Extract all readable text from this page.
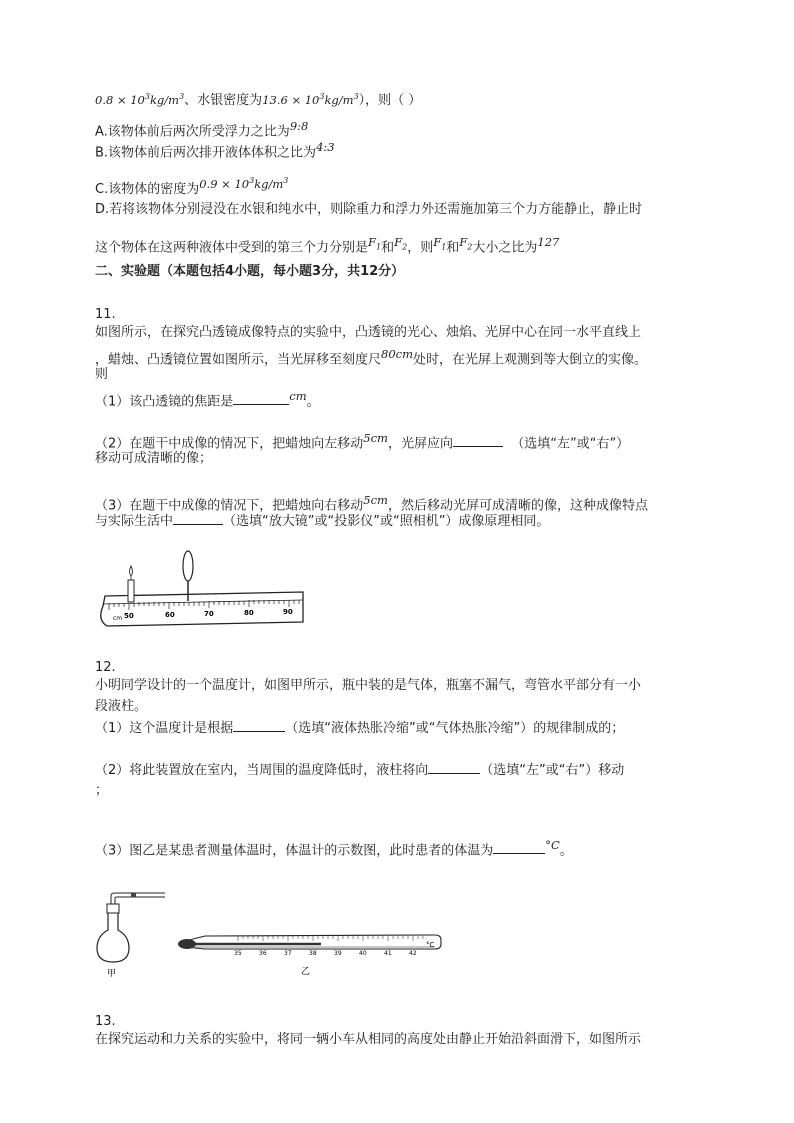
$0.8 \times 10^3kg/m^3$、水银密度为$13.6 \times 10^3kg/m^3$），则（ ）
A.该物体前后两次所受浮力之比为$^{9:8}$
B.该物体前后两次排开液体体积之比为$^{4:3}$
C.该物体的密度为$^{0.9 \times 10^3kg/m^3}$
D.若将该物体分别浸没在水银和纯水中，则除重力和浮力外还需施加第三个力方能静止，静止时
这个物体在这两种液体中受到的第三个力分别是$^{F_1}$和$^{F_2}$，则$^{F_1}$和$^{F_2}$大小之比为$^{127}$
二、实验题（本题包括4小题，每小题3分，共12分）
11.
如图所示，在探究凸透镜成像特点的实验中，凸透镜的光心、烛焰、光屏中心在同一水平直线上
，蜡烛、凸透镜位置如图所示，当光屏移至刻度尺$^{80cm}$处时，在光屏上观测到等大倒立的实像。
则
（1）该凸透镜的焦距是	$^{cm}$。
（2）在题干中成像的情况下，把蜡烛向左移动$^{5cm}$，光屏应向	（选填“左”或“右”）
移动可成清晰的像；
（3）在题干中成像的情况下，把蜡烛向右移动$^{5cm}$，然后移动光屏可成清晰的像，这种成像特点
与实际生活中	（选填“放大镜”或“投影仪”或“照相机”）成像原理相同。
cm 50	60	70	80	90
12.
小明同学设计的一个温度计，如图甲所示，瓶中装的是气体，瓶塞不漏气，弯管水平部分有一小
段液柱。
（1）这个温度计是根据	（选填“液体热胀冷缩”或“气体热胀冷缩”）的规律制成的；
（2）将此装置放在室内，当周围的温度降低时，液柱将向	（选填“左”或“右”）移动
；
（3）图乙是某患者测量体温时，体温计的示数图，此时患者的体温为	$^{^\circ C}$。
甲
35	36	37	38	39	40	41	42
°C
乙
13.
在探究运动和力关系的实验中，将同一辆小车从相同的高度处由静止开始沿斜面滑下，如图所示
